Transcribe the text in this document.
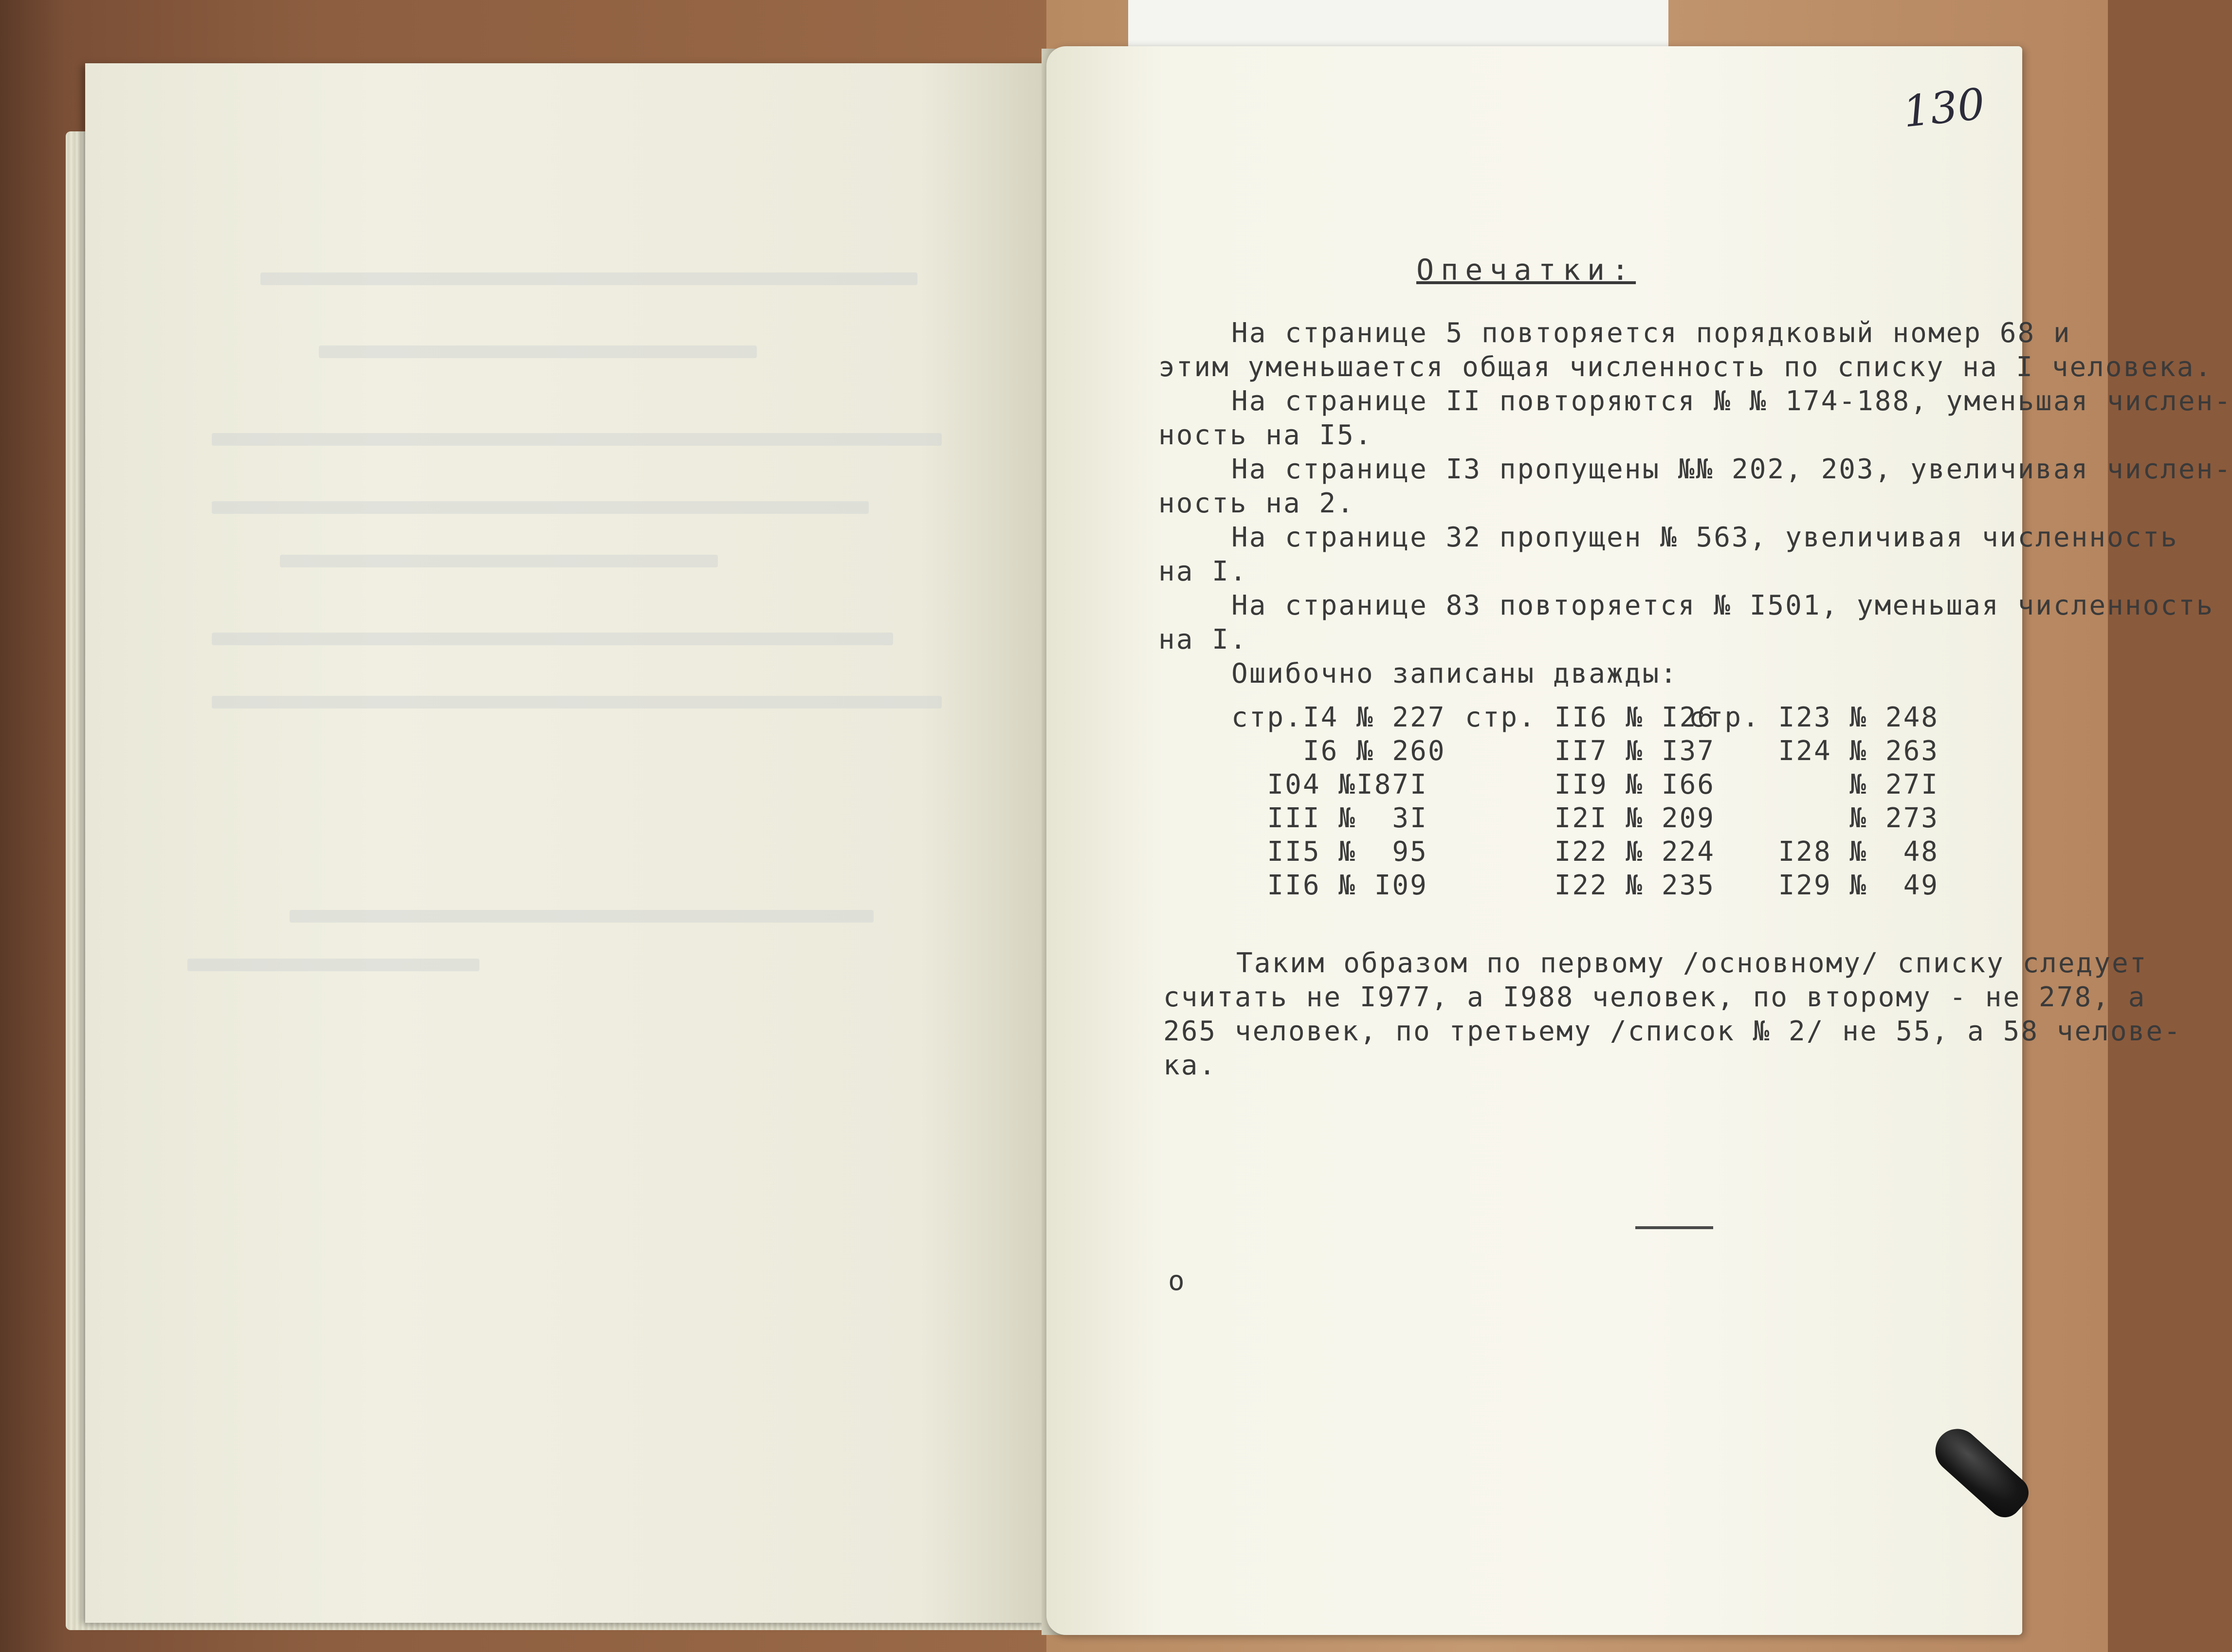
130
Опечатки:
На странице 5 повторяется порядковый номер 68 и
этим уменьшается общая численность по списку на I человека.
На странице II повторяются № № 174-188, уменьшая числен-
ность на I5.
На странице I3 пропущены №№ 202, 203, увеличивая числен-
ность на 2.
На странице 32 пропущен № 563, увеличивая численность
на I.
На странице 83 повторяется № I501, уменьшая численность
на I.
Ошибочно записаны дважды:
стр.I4 № 227
I6 № 260
I04 №I87I
III №  3I
II5 №  95
II6 № I09
стр. II6 № I26
II7 № I37
II9 № I66
I2I № 209
I22 № 224
I22 № 235
стр. I23 № 248
I24 № 263
№ 27I
№ 273
I28 №  48
I29 №  49
Таким образом по первому /основному/ списку следует
считать не I977, а I988 человек, по второму - не 278, а
265 человек, по третьему /список № 2/ не 55, а 58 челове-
ка.
о
